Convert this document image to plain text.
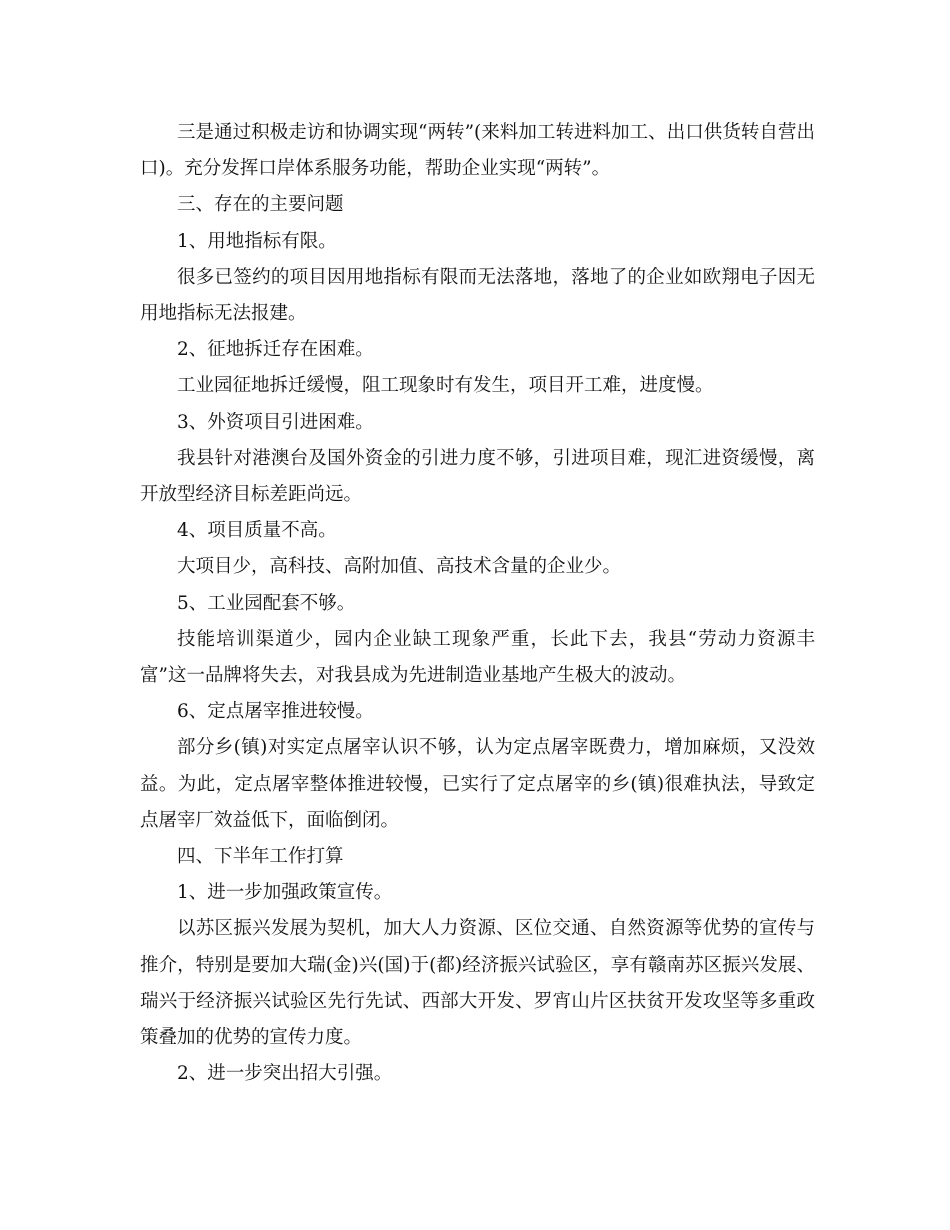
三是通过积极走访和协调实现“两转”(来料加工转进料加工、出口供货转自营出口)。充分发挥口岸体系服务功能，帮助企业实现“两转”。

三、存在的主要问题

1、用地指标有限。

很多已签约的项目因用地指标有限而无法落地，落地了的企业如欧翔电子因无用地指标无法报建。

2、征地拆迁存在困难。

工业园征地拆迁缓慢，阻工现象时有发生，项目开工难，进度慢。

3、外资项目引进困难。

我县针对港澳台及国外资金的引进力度不够，引进项目难，现汇进资缓慢，离开放型经济目标差距尚远。

4、项目质量不高。

大项目少，高科技、高附加值、高技术含量的企业少。

5、工业园配套不够。

技能培训渠道少，园内企业缺工现象严重，长此下去，我县“劳动力资源丰富”这一品牌将失去，对我县成为先进制造业基地产生极大的波动。

6、定点屠宰推进较慢。

部分乡(镇)对实定点屠宰认识不够，认为定点屠宰既费力，增加麻烦，又没效益。为此，定点屠宰整体推进较慢，已实行了定点屠宰的乡(镇)很难执法，导致定点屠宰厂效益低下，面临倒闭。

四、下半年工作打算

1、进一步加强政策宣传。

以苏区振兴发展为契机，加大人力资源、区位交通、自然资源等优势的宣传与推介，特别是要加大瑞(金)兴(国)于(都)经济振兴试验区，享有赣南苏区振兴发展、瑞兴于经济振兴试验区先行先试、西部大开发、罗宵山片区扶贫开发攻坚等多重政策叠加的优势的宣传力度。

2、进一步突出招大引强。
